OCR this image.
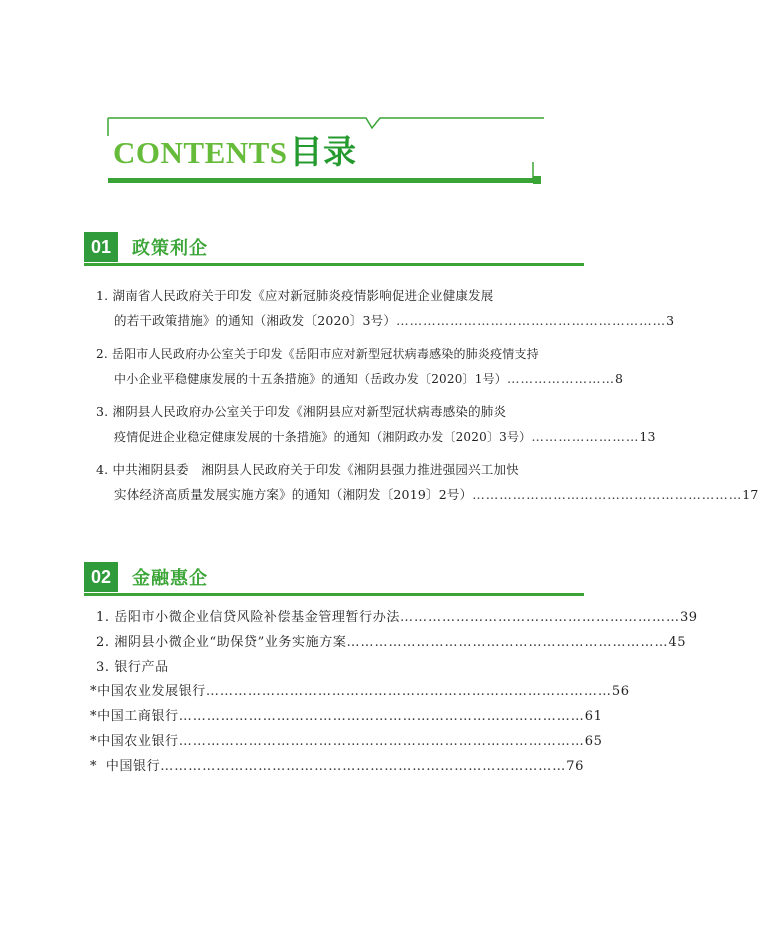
CONTENTS目录
01	政策利企
1. 湖南省人民政府关于印发《应对新冠肺炎疫情影响促进企业健康发展
的若干政策措施》的通知（湘政发〔2020〕3号） …………………………………………………… 3
2. 岳阳市人民政府办公室关于印发《岳阳市应对新型冠状病毒感染的肺炎疫情支持
中小企业平稳健康发展的十五条措施》的通知（岳政办发〔2020〕1号） …………………… 8
3. 湘阴县人民政府办公室关于印发《湘阴县应对新型冠状病毒感染的肺炎
疫情促进企业稳定健康发展的十条措施》的通知（湘阴政办发〔2020〕3号） …………………… 13
4. 中共湘阴县委　湘阴县人民政府关于印发《湘阴县强力推进强园兴工加快
实体经济高质量发展实施方案》的通知（湘阴发〔2019〕2号） …………………………………………………… 17
02	金融惠企
1. 岳阳市小微企业信贷风险补偿基金管理暂行办法 …………………………………………………… 39
2. 湘阴县小微企业“助保贷”业务实施方案 …………………………………………………………… 45
3. 银行产品
* 中国农业发展银行 …………………………………………………………………………… 56
* 中国工商银行 …………………………………………………………………………… 61
* 中国农业银行 …………………………………………………………………………… 65
* 中国银行 …………………………………………………………………………… 76
